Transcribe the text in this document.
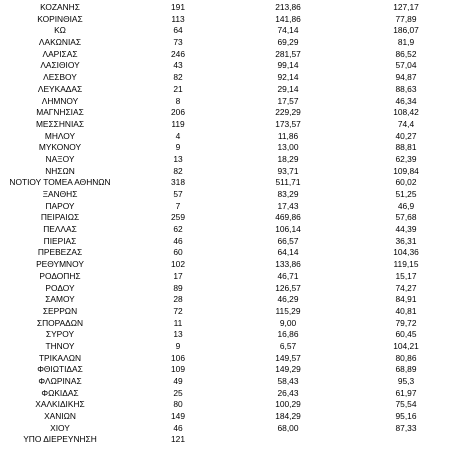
ΚΟΖΑΝΗΣ	191	213,86	127,17
ΚΟΡΙΝΘΙΑΣ	113	141,86	77,89
ΚΩ	64	74,14	186,07
ΛΑΚΩΝΙΑΣ	73	69,29	81,9
ΛΑΡΙΣΑΣ	246	281,57	86,52
ΛΑΣΙΘΙΟΥ	43	99,14	57,04
ΛΕΣΒΟΥ	82	92,14	94,87
ΛΕΥΚΑΔΑΣ	21	29,14	88,63
ΛΗΜΝΟΥ	8	17,57	46,34
ΜΑΓΝΗΣΙΑΣ	206	229,29	108,42
ΜΕΣΣΗΝΙΑΣ	119	173,57	74,4
ΜΗΛΟΥ	4	11,86	40,27
ΜΥΚΟΝΟΥ	9	13,00	88,81
ΝΑΞΟΥ	13	18,29	62,39
ΝΗΣΩΝ	82	93,71	109,84
ΝΟΤΙΟΥ ΤΟΜΕΑ ΑΘΗΝΩΝ	318	511,71	60,02
ΞΑΝΘΗΣ	57	83,29	51,25
ΠΑΡΟΥ	7	17,43	46,9
ΠΕΙΡΑΙΩΣ	259	469,86	57,68
ΠΕΛΛΑΣ	62	106,14	44,39
ΠΙΕΡΙΑΣ	46	66,57	36,31
ΠΡΕΒΕΖΑΣ	60	64,14	104,36
ΡΕΘΥΜΝΟΥ	102	133,86	119,15
ΡΟΔΟΠΗΣ	17	46,71	15,17
ΡΟΔΟΥ	89	126,57	74,27
ΣΑΜΟΥ	28	46,29	84,91
ΣΕΡΡΩΝ	72	115,29	40,81
ΣΠΟΡΑΔΩΝ	11	9,00	79,72
ΣΥΡΟΥ	13	16,86	60,45
ΤΗΝΟΥ	9	6,57	104,21
ΤΡΙΚΑΛΩΝ	106	149,57	80,86
ΦΘΙΩΤΙΔΑΣ	109	149,29	68,89
ΦΛΩΡΙΝΑΣ	49	58,43	95,3
ΦΩΚΙΔΑΣ	25	26,43	61,97
ΧΑΛΚΙΔΙΚΗΣ	80	100,29	75,54
ΧΑΝΙΩΝ	149	184,29	95,16
ΧΙΟΥ	46	68,00	87,33
ΥΠΟ ΔΙΕΡΕΥΝΗΣΗ	121
